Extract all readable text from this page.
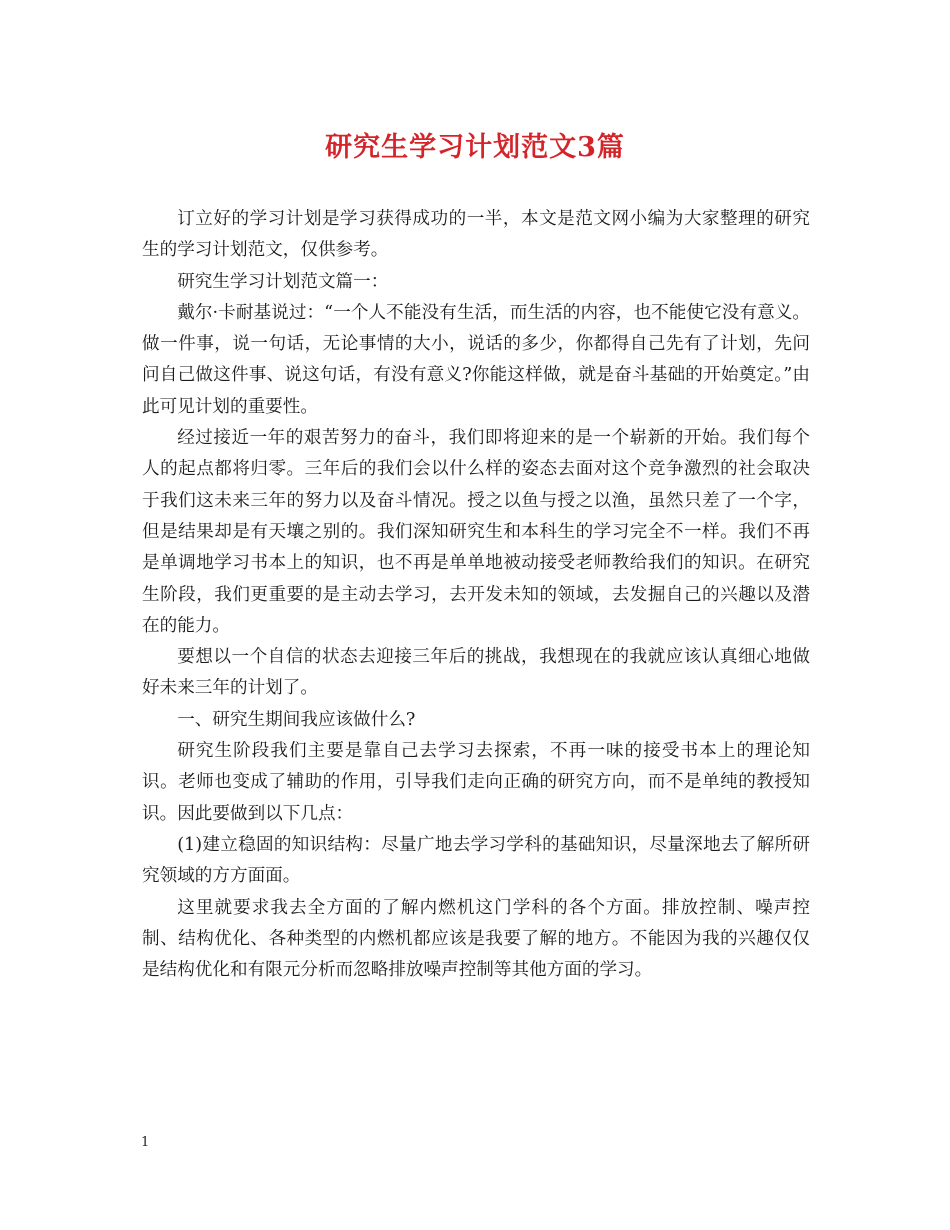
研究生学习计划范文3篇

订立好的学习计划是学习获得成功的一半，本文是范文网小编为大家整理的研究生的学习计划范文，仅供参考。

研究生学习计划范文篇一：

戴尔·卡耐基说过：“一个人不能没有生活，而生活的内容，也不能使它没有意义。做一件事，说一句话，无论事情的大小，说话的多少，你都得自己先有了计划，先问问自己做这件事、说这句话，有没有意义?你能这样做，就是奋斗基础的开始奠定。”由此可见计划的重要性。

经过接近一年的艰苦努力的奋斗，我们即将迎来的是一个崭新的开始。我们每个人的起点都将归零。三年后的我们会以什么样的姿态去面对这个竞争激烈的社会取决于我们这未来三年的努力以及奋斗情况。授之以鱼与授之以渔，虽然只差了一个字，但是结果却是有天壤之别的。我们深知研究生和本科生的学习完全不一样。我们不再是单调地学习书本上的知识，也不再是单单地被动接受老师教给我们的知识。在研究生阶段，我们更重要的是主动去学习，去开发未知的领域，去发掘自己的兴趣以及潜在的能力。

要想以一个自信的状态去迎接三年后的挑战，我想现在的我就应该认真细心地做好未来三年的计划了。

一、研究生期间我应该做什么?

研究生阶段我们主要是靠自己去学习去探索，不再一味的接受书本上的理论知识。老师也变成了辅助的作用，引导我们走向正确的研究方向，而不是单纯的教授知识。因此要做到以下几点：

(1)建立稳固的知识结构：尽量广地去学习学科的基础知识，尽量深地去了解所研究领域的方方面面。

这里就要求我去全方面的了解内燃机这门学科的各个方面。排放控制、噪声控制、结构优化、各种类型的内燃机都应该是我要了解的地方。不能因为我的兴趣仅仅是结构优化和有限元分析而忽略排放噪声控制等其他方面的学习。

1
